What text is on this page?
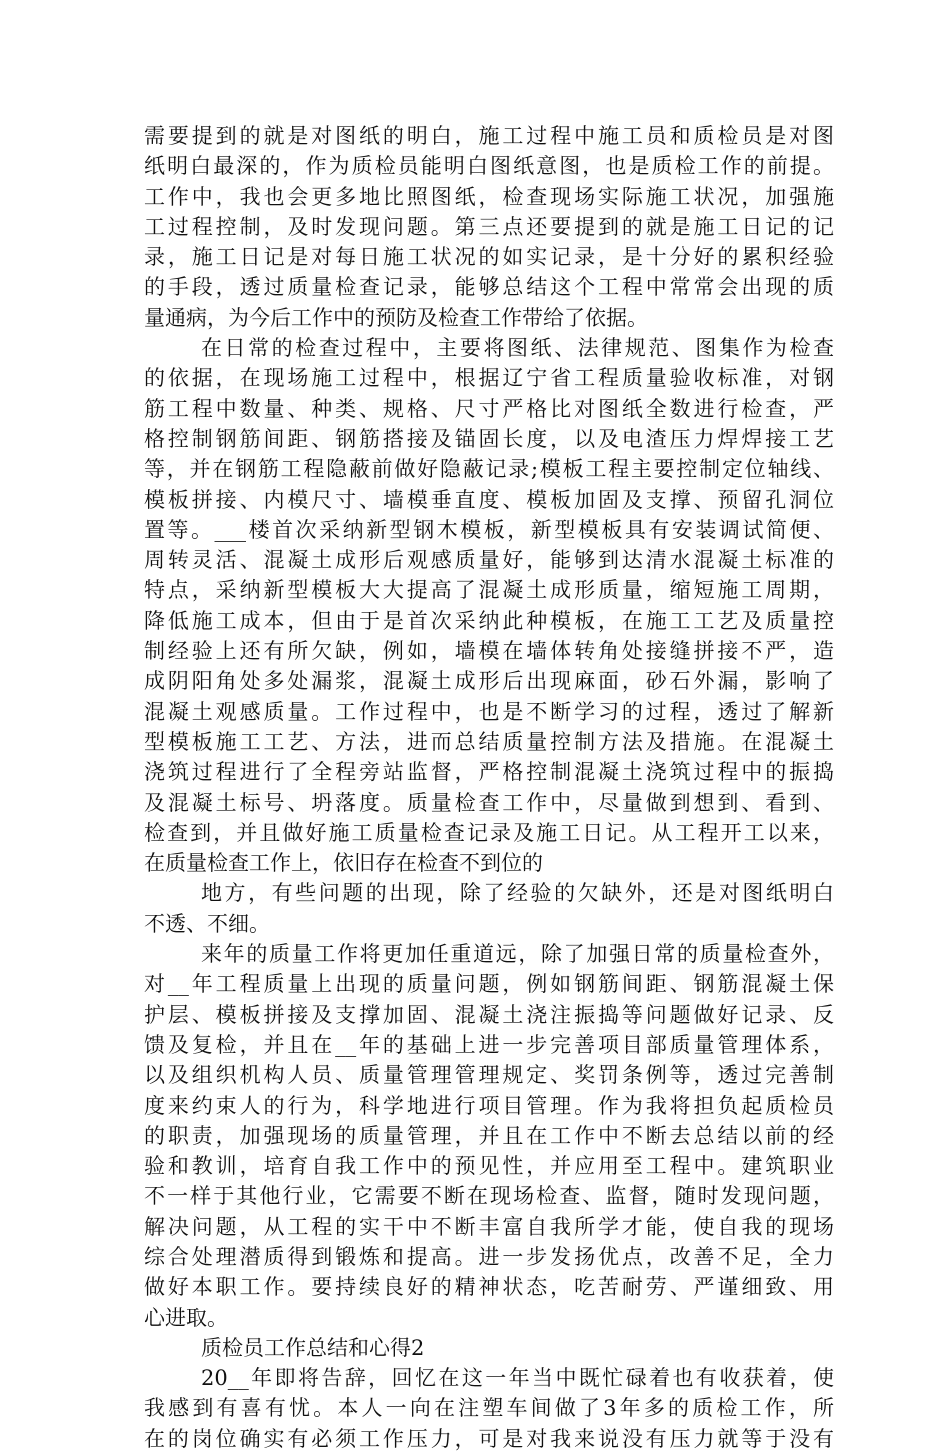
需要提到的就是对图纸的明白，施工过程中施工员和质检员是对图
纸明白最深的，作为质检员能明白图纸意图，也是质检工作的前提。
工作中，我也会更多地比照图纸，检查现场实际施工状况，加强施
工过程控制，及时发现问题。第三点还要提到的就是施工日记的记
录，施工日记是对每日施工状况的如实记录，是十分好的累积经验
的手段，透过质量检查记录，能够总结这个工程中常常会出现的质
量通病，为今后工作中的预防及检查工作带给了依据。
在日常的检查过程中，主要将图纸、法律规范、图集作为检查
的依据，在现场施工过程中，根据辽宁省工程质量验收标准，对钢
筋工程中数量、种类、规格、尺寸严格比对图纸全数进行检查，严
格控制钢筋间距、钢筋搭接及锚固长度，以及电渣压力焊焊接工艺
等，并在钢筋工程隐蔽前做好隐蔽记录;模板工程主要控制定位轴线、
模板拼接、内模尺寸、墙模垂直度、模板加固及支撑、预留孔洞位
置等。___楼首次采纳新型钢木模板，新型模板具有安装调试简便、
周转灵活、混凝土成形后观感质量好，能够到达清水混凝土标准的
特点，采纳新型模板大大提高了混凝土成形质量，缩短施工周期，
降低施工成本，但由于是首次采纳此种模板，在施工工艺及质量控
制经验上还有所欠缺，例如，墙模在墙体转角处接缝拼接不严，造
成阴阳角处多处漏浆，混凝土成形后出现麻面，砂石外漏，影响了
混凝土观感质量。工作过程中，也是不断学习的过程，透过了解新
型模板施工工艺、方法，进而总结质量控制方法及措施。在混凝土
浇筑过程进行了全程旁站监督，严格控制混凝土浇筑过程中的振捣
及混凝土标号、坍落度。质量检查工作中，尽量做到想到、看到、
检查到，并且做好施工质量检查记录及施工日记。从工程开工以来，
在质量检查工作上，依旧存在检查不到位的
地方，有些问题的出现，除了经验的欠缺外，还是对图纸明白
不透、不细。
来年的质量工作将更加任重道远，除了加强日常的质量检查外，
对__年工程质量上出现的质量问题，例如钢筋间距、钢筋混凝土保
护层、模板拼接及支撑加固、混凝土浇注振捣等问题做好记录、反
馈及复检，并且在__年的基础上进一步完善项目部质量管理体系，
以及组织机构人员、质量管理管理规定、奖罚条例等，透过完善制
度来约束人的行为，科学地进行项目管理。作为我将担负起质检员
的职责，加强现场的质量管理，并且在工作中不断去总结以前的经
验和教训，培育自我工作中的预见性，并应用至工程中。建筑职业
不一样于其他行业，它需要不断在现场检查、监督，随时发现问题，
解决问题，从工程的实干中不断丰富自我所学才能，使自我的现场
综合处理潜质得到锻炼和提高。进一步发扬优点，改善不足，全力
做好本职工作。要持续良好的精神状态，吃苦耐劳、严谨细致、用
心进取。
质检员工作总结和心得2
20__年即将告辞，回忆在这一年当中既忙碌着也有收获着，使
我感到有喜有忧。本人一向在注塑车间做了3年多的质检工作，所
在的岗位确实有必须工作压力，可是对我来说没有压力就等于没有
